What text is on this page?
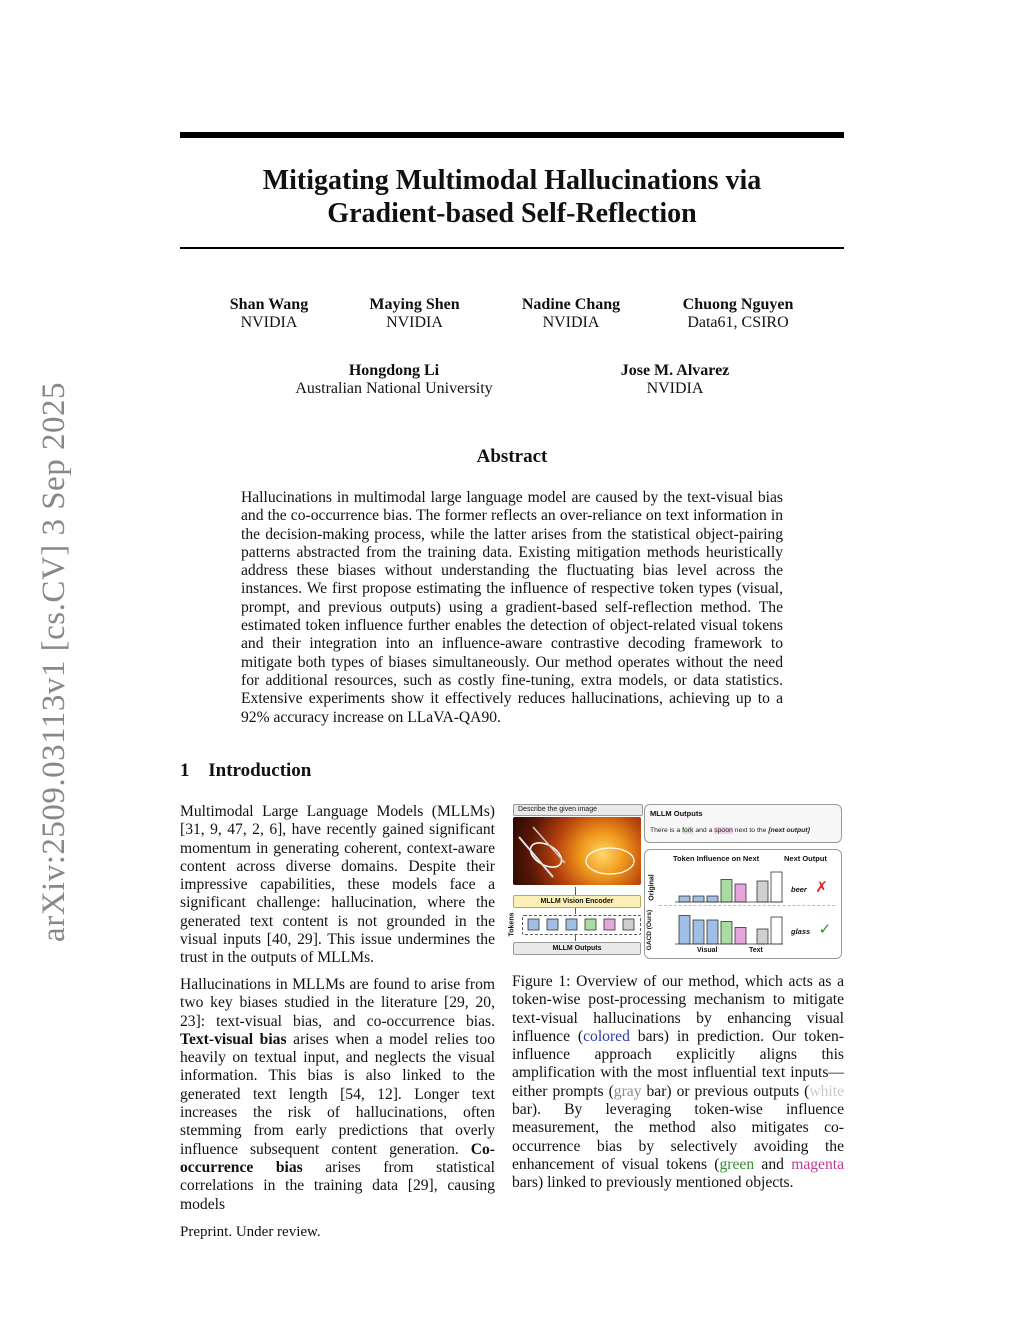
arXiv:2509.03113v1 [cs.CV] 3 Sep 2025
Mitigating Multimodal Hallucinations via
Gradient-based Self-Reflection
Shan Wang
NVIDIA
Maying Shen
NVIDIA
Nadine Chang
NVIDIA
Chuong Nguyen
Data61, CSIRO
Hongdong Li
Australian National University
Jose M. Alvarez
NVIDIA
Abstract
Hallucinations in multimodal large language model are caused by the text-visual bias and the co-occurrence bias. The former reflects an over-reliance on text information in the decision-making process, while the latter arises from the statistical object-pairing patterns abstracted from the training data. Existing mitigation methods heuristically address these biases without understanding the fluctuating bias level across the instances. We first propose estimating the influence of respective token types (visual, prompt, and previous outputs) using a gradient-based self-reflection method. The estimated token influence further enables the detection of object-related visual tokens and their integration into an influence-aware contrastive decoding framework to mitigate both types of biases simultaneously. Our method operates without the need for additional resources, such as costly fine-tuning, extra models, or data statistics. Extensive experiments show it effectively reduces hallucinations, achieving up to a 92% accuracy increase on LLaVA-QA90.
1 Introduction
Multimodal Large Language Models (MLLMs) [31, 9, 47, 2, 6], have recently gained significant momentum in generating coherent, context-aware content across diverse domains. Despite their impressive capabilities, these models face a significant challenge: hallucination, where the generated text content is not grounded in the visual inputs [40, 29]. This issue undermines the trust in the outputs of MLLMs.
Hallucinations in MLLMs are found to arise from two key biases studied in the literature [29, 20, 23]: text-visual bias, and co-occurrence bias. Text-visual bias arises when a model relies too heavily on textual input, and neglects the visual information. This bias is also linked to the generated text length [54, 12]. Longer text increases the risk of hallucinations, often stemming from early predictions that overly influence subsequent content generation. Co-occurrence bias arises from statistical correlations in the training data [29], causing models
Describe the given image
MLLM Vision Encoder
Tokens
MLLM Outputs
MLLM Outputs
There is a fork and a spoon next to the [next output]
Token Influence on Next	Next Output
Original
GACD (Ours)
Visual	Text
beer ✗
glass ✓
Figure 1: Overview of our method, which acts as a token-wise post-processing mechanism to mitigate text-visual hallucinations by enhancing visual influence (colored bars) in prediction. Our token-influence approach explicitly aligns this amplification with the most influential text inputs—either prompts (gray bar) or previous outputs (white bar). By leveraging token-wise influence measurement, the method also mitigates co-occurrence bias by selectively avoiding the enhancement of visual tokens (green and magenta bars) linked to previously mentioned objects.
Preprint. Under review.
